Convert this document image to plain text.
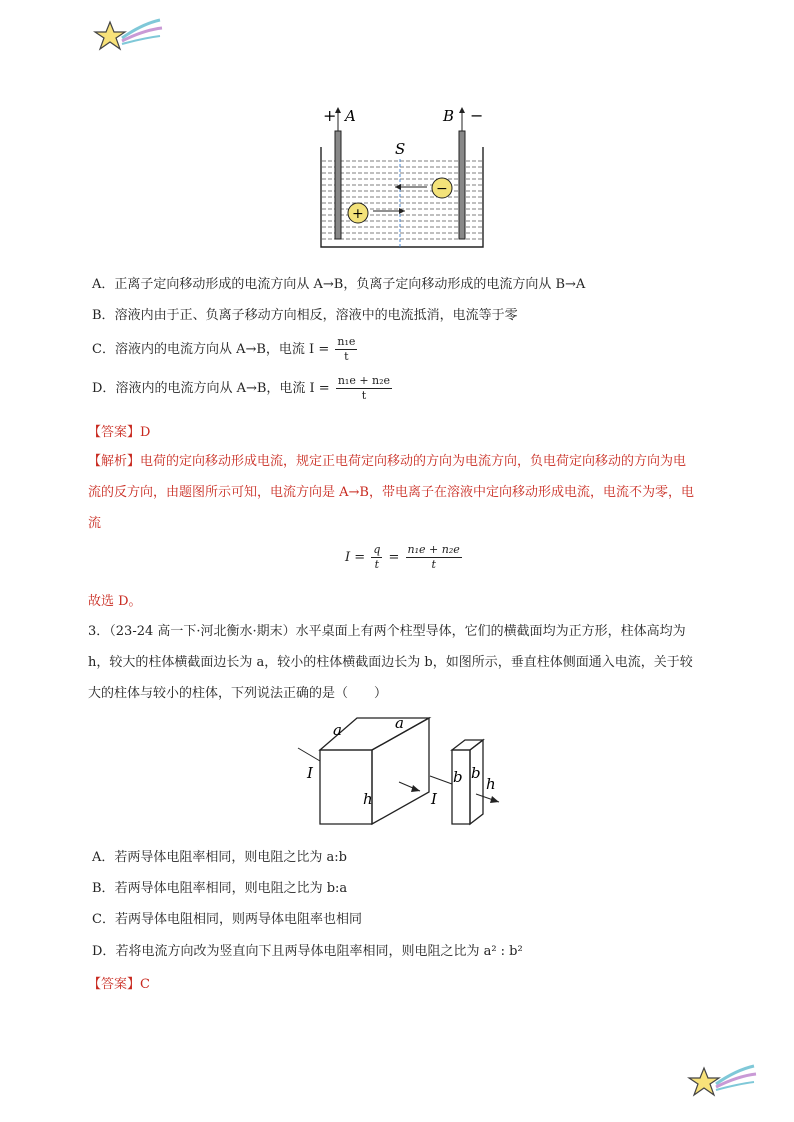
+ A	B −
S
−
+
A．正离子定向移动形成的电流方向从 A→B，负离子定向移动形成的电流方向从 B→A
B．溶液内由于正、负离子移动方向相反，溶液中的电流抵消，电流等于零
C．溶液内的电流方向从 A→B，电流 $I = \frac{\text{n₁e}}{t}$
D．溶液内的电流方向从 A→B，电流 $I = \frac{\text{n₁e + n₂e}}{t}$
【答案】D
【解析】电荷的定向移动形成电流，规定正电荷定向移动的方向为电流方向，负电荷定向移动的方向为电
流的反方向，由题图所示可知，电流方向是 A→B，带电离子在溶液中定向移动形成电流，电流不为零，电
流
$I = \frac{q}{t} = \frac{\text{n₁e + n₂e}}{t}$
故选 D。
3．（23-24 高一下·河北衡水·期末）水平桌面上有两个柱型导体，它们的横截面均为正方形，柱体高均为
h，较大的柱体横截面边长为 a，较小的柱体横截面边长为 b，如图所示，垂直柱体侧面通入电流，关于较
大的柱体与较小的柱体，下列说法正确的是（　　）
a	a
I
h	I
b b
h
A．若两导体电阻率相同，则电阻之比为 a:b
B．若两导体电阻率相同，则电阻之比为 b:a
C．若两导体电阻相同，则两导体电阻率也相同
D．若将电流方向改为竖直向下且两导体电阻率相同，则电阻之比为 a² : b²
【答案】C
